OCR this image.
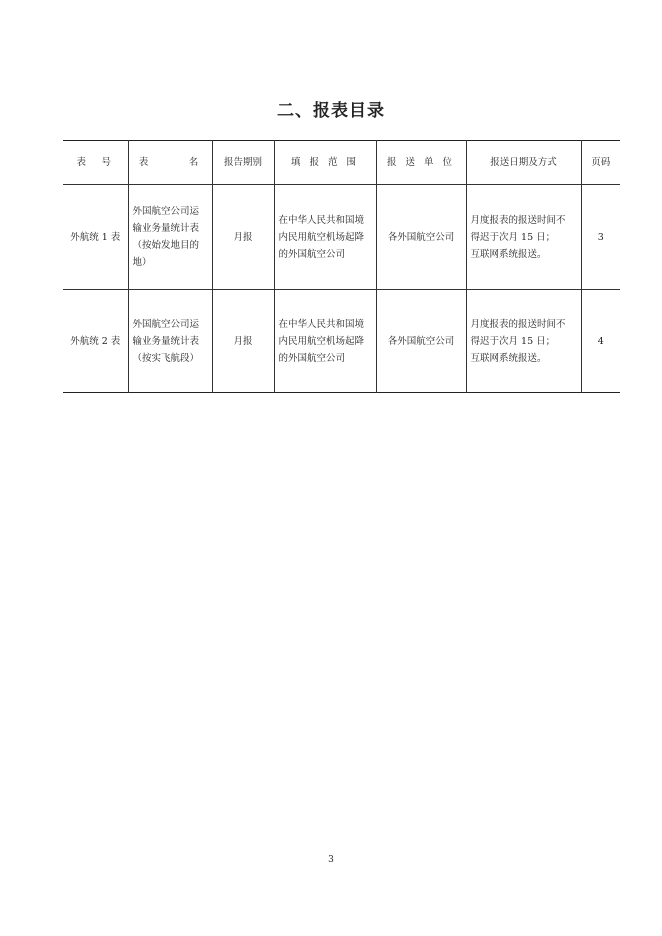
二、报表目录
表　号	表　　　名	报告期别	填 报 范 围	报 送 单 位	报送日期及方式	页码
外航统 1 表	外国航空公司运
输业务量统计表
（按始发地目的
地）	月报	在中华人民共和国境
内民用航空机场起降
的外国航空公司	各外国航空公司	月度报表的报送时间不
得迟于次月 15 日；
互联网系统报送。	3
外航统 2 表	外国航空公司运
输业务量统计表
（按实飞航段）	月报	在中华人民共和国境
内民用航空机场起降
的外国航空公司	各外国航空公司	月度报表的报送时间不
得迟于次月 15 日；
互联网系统报送。	4
3
